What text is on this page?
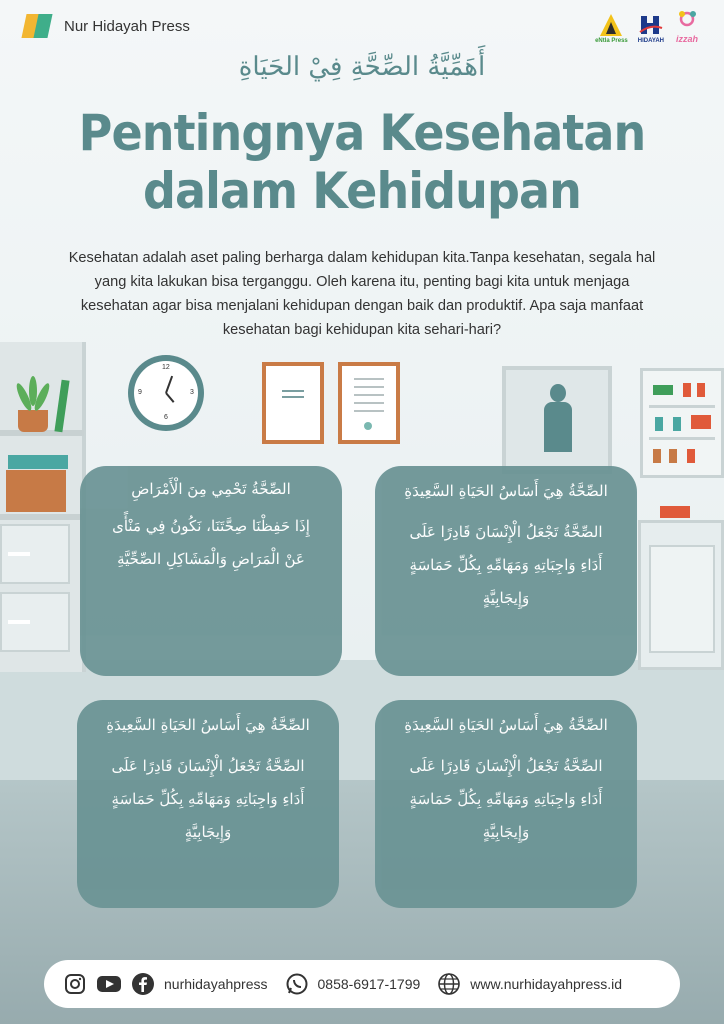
Nur Hidayah Press
eNtla Press HIDAYAH izzah
أَهَمِّيَّةُ الصِّحَّةِ فِيْ الحَيَاةِ
Pentingnya Kesehatan
dalam Kehidupan

Kesehatan adalah aset paling berharga dalam kehidupan kita.Tanpa kesehatan, segala hal yang kita lakukan bisa terganggu. Oleh karena itu, penting bagi kita untuk menjaga kesehatan agar bisa menjalani kehidupan dengan baik dan produktif. Apa saja manfaat kesehatan bagi kehidupan kita sehari-hari?

12
3
6
9
الصِّحَّةُ تَحْمِي مِنَ الْأَمْرَاضِ
إِذَا حَفِظْنَا صِحَّتَنَا، نَكُونُ فِي مَنْأًى عَنْ الْمَرَاضِ وَالْمَشَاكِلِ الصِّحِّيَّةِ
الصِّحَّةُ هِيَ أَسَاسُ الحَيَاةِ السَّعِيدَةِ
الصِّحَّةُ تَجْعَلُ الْإِنْسَانَ قَادِرًا عَلَى أَدَاءِ وَاجِبَاتِهِ وَمَهَامِّهِ بِكُلِّ حَمَاسَةٍ وَإِيجَابِيَّةٍ
الصِّحَّةُ هِيَ أَسَاسُ الحَيَاةِ السَّعِيدَةِ
الصِّحَّةُ تَجْعَلُ الْإِنْسَانَ قَادِرًا عَلَى أَدَاءِ وَاجِبَاتِهِ وَمَهَامِّهِ بِكُلِّ حَمَاسَةٍ وَإِيجَابِيَّةٍ
الصِّحَّةُ هِيَ أَسَاسُ الحَيَاةِ السَّعِيدَةِ
الصِّحَّةُ تَجْعَلُ الْإِنْسَانَ قَادِرًا عَلَى أَدَاءِ وَاجِبَاتِهِ وَمَهَامِّهِ بِكُلِّ حَمَاسَةٍ وَإِيجَابِيَّةٍ
nurhidayahpress	0858-6917-1799	www.nurhidayahpress.id
